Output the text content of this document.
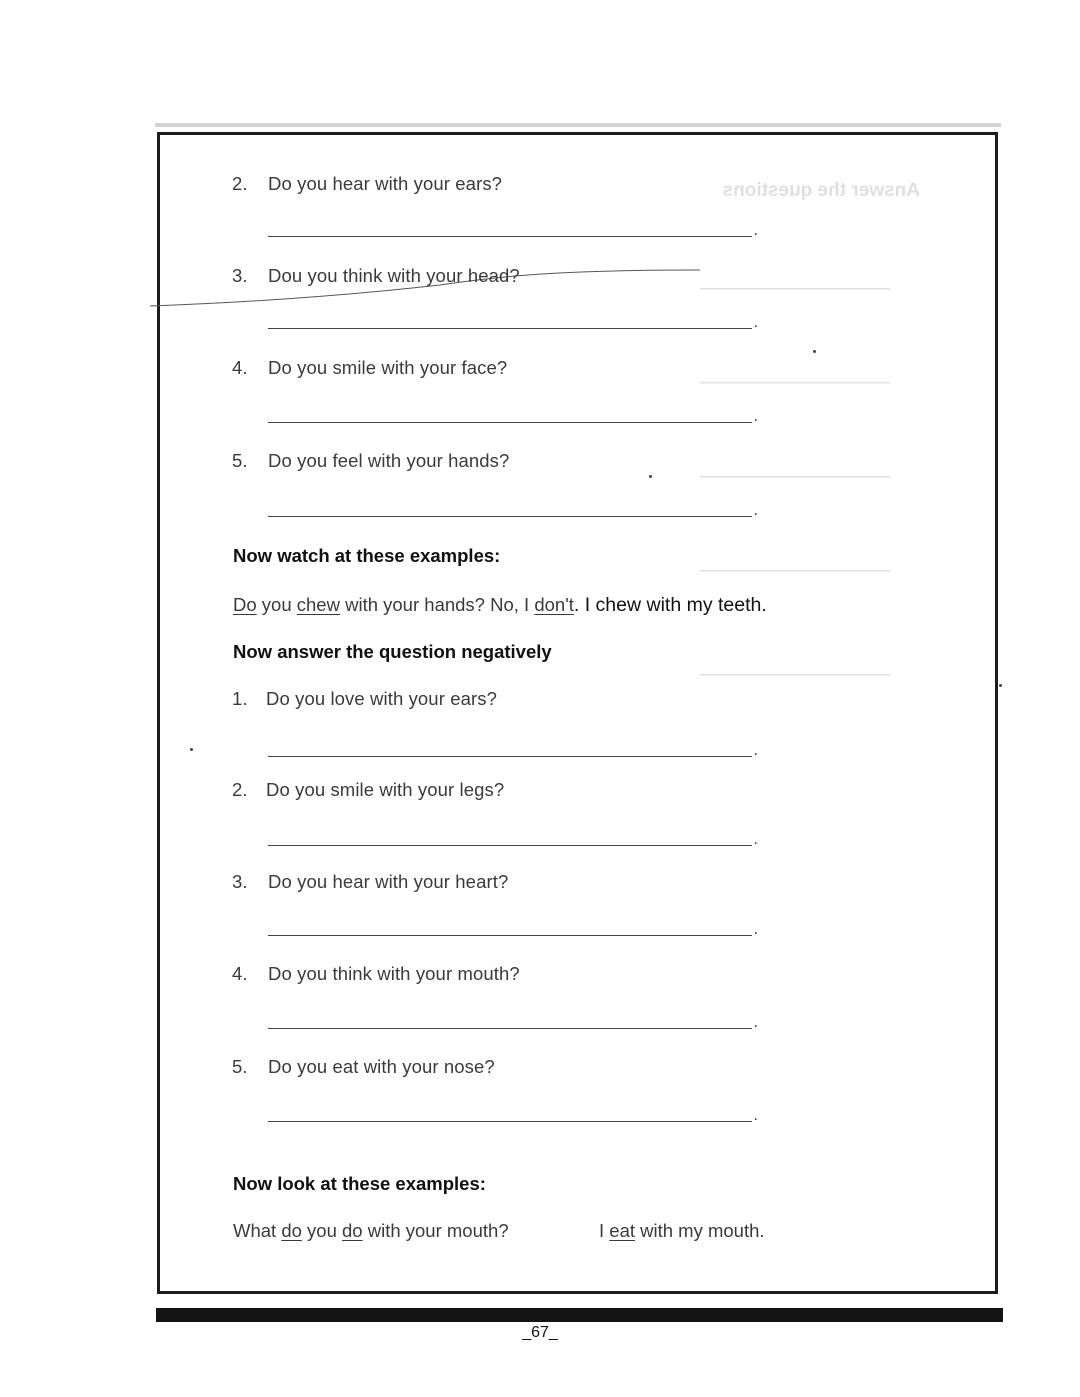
Answer the questions
2. Do you hear with your ears?
.
3. Dou you think with your head?
.
4. Do you smile with your face?
.
5. Do you feel with your hands?
.
Now watch at these examples:
Do you chew with your hands? No, I don't. I chew with my teeth.
Now answer the question negatively
1. Do you love with your ears?
.
2. Do you smile with your legs?
.
3. Do you hear with your heart?
.
4. Do you think with your mouth?
.
5. Do you eat with your nose?
.
Now look at these examples:
What do you do with your mouth?	I eat with my mouth.
_67_
